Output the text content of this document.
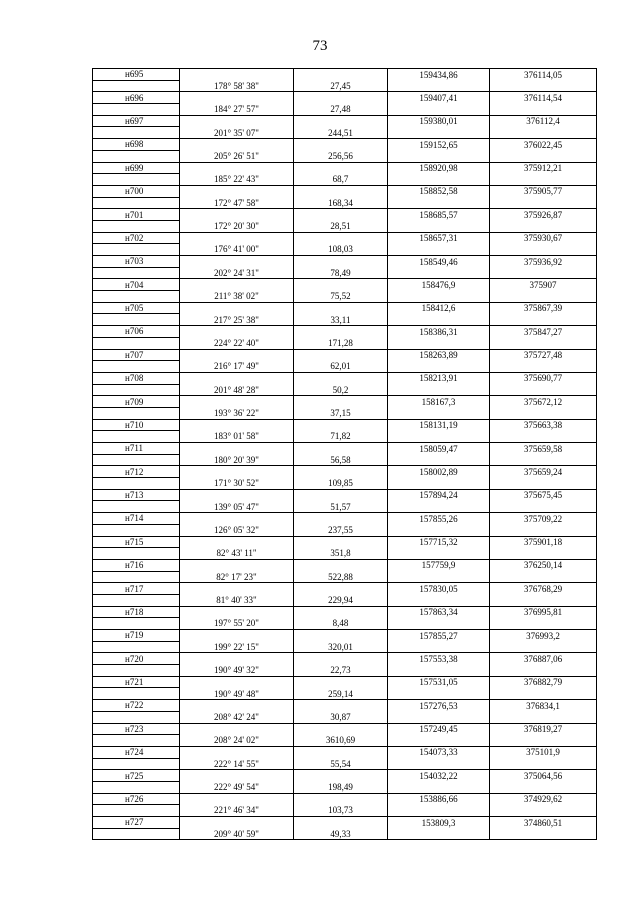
73
н695			159434,86	376114,05
	178° 58' 38"	27,45		
н696			159407,41	376114,54
	184° 27' 57"	27,48		
н697			159380,01	376112,4
	201° 35' 07"	244,51		
н698			159152,65	376022,45
	205° 26' 51"	256,56		
н699			158920,98	375912,21
	185° 22' 43"	68,7		
н700			158852,58	375905,77
	172° 47' 58"	168,34		
н701			158685,57	375926,87
	172° 20' 30"	28,51		
н702			158657,31	375930,67
	176° 41' 00"	108,03		
н703			158549,46	375936,92
	202° 24' 31"	78,49		
н704			158476,9	375907
	211° 38' 02"	75,52		
н705			158412,6	375867,39
	217° 25' 38"	33,11		
н706			158386,31	375847,27
	224° 22' 40"	171,28		
н707			158263,89	375727,48
	216° 17' 49"	62,01		
н708			158213,91	375690,77
	201° 48' 28"	50,2		
н709			158167,3	375672,12
	193° 36' 22"	37,15		
н710			158131,19	375663,38
	183° 01' 58"	71,82		
н711			158059,47	375659,58
	180° 20' 39"	56,58		
н712			158002,89	375659,24
	171° 30' 52"	109,85		
н713			157894,24	375675,45
	139° 05' 47"	51,57		
н714			157855,26	375709,22
	126° 05' 32"	237,55		
н715			157715,32	375901,18
	82° 43' 11"	351,8		
н716			157759,9	376250,14
	82° 17' 23"	522,88		
н717			157830,05	376768,29
	81° 40' 33"	229,94		
н718			157863,34	376995,81
	197° 55' 20"	8,48		
н719			157855,27	376993,2
	199° 22' 15"	320,01		
н720			157553,38	376887,06
	190° 49' 32"	22,73		
н721			157531,05	376882,79
	190° 49' 48"	259,14		
н722			157276,53	376834,1
	208° 42' 24"	30,87		
н723			157249,45	376819,27
	208° 24' 02"	3610,69		
н724			154073,33	375101,9
	222° 14' 55"	55,54		
н725			154032,22	375064,56
	222° 49' 54"	198,49		
н726			153886,66	374929,62
	221° 46' 34"	103,73		
н727			153809,3	374860,51
	209° 40' 59"	49,33		
